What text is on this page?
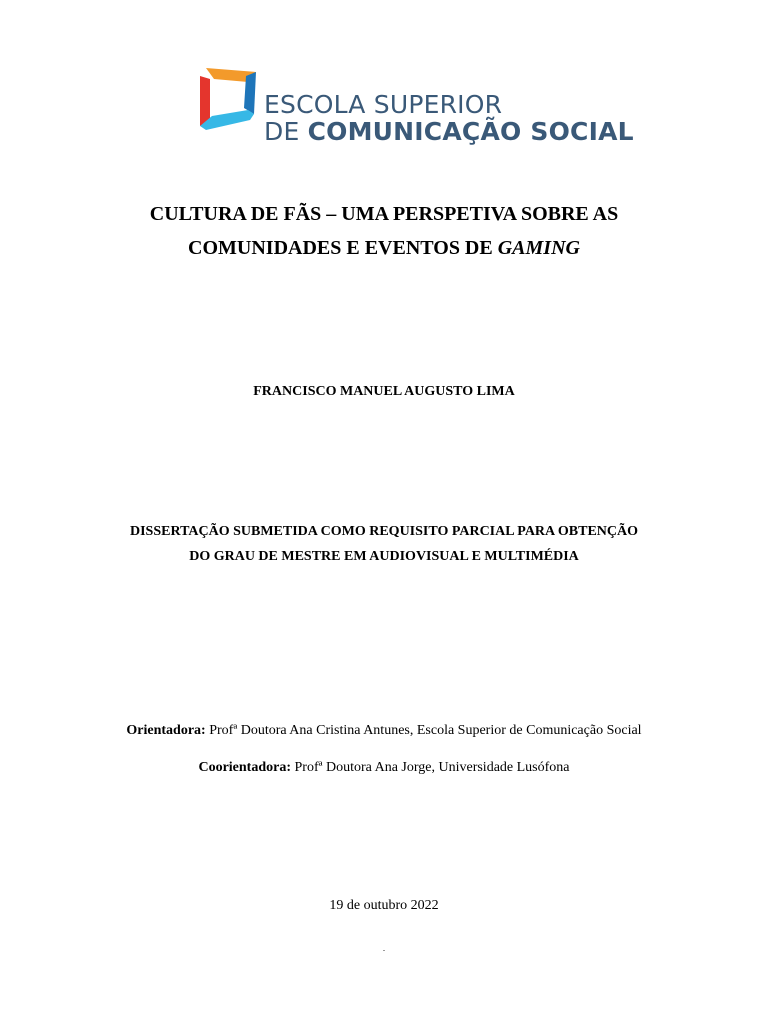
ESCOLA SUPERIOR
DE COMUNICAÇÃO SOCIAL
CULTURA DE FÃS – UMA PERSPETIVA SOBRE AS
COMUNIDADES E EVENTOS DE GAMING
FRANCISCO MANUEL AUGUSTO LIMA
DISSERTAÇÃO SUBMETIDA COMO REQUISITO PARCIAL PARA OBTENÇÃO
DO GRAU DE MESTRE EM AUDIOVISUAL E MULTIMÉDIA
Orientadora: Profª Doutora Ana Cristina Antunes, Escola Superior de Comunicação Social
Coorientadora: Profª Doutora Ana Jorge, Universidade Lusófona
19 de outubro 2022
